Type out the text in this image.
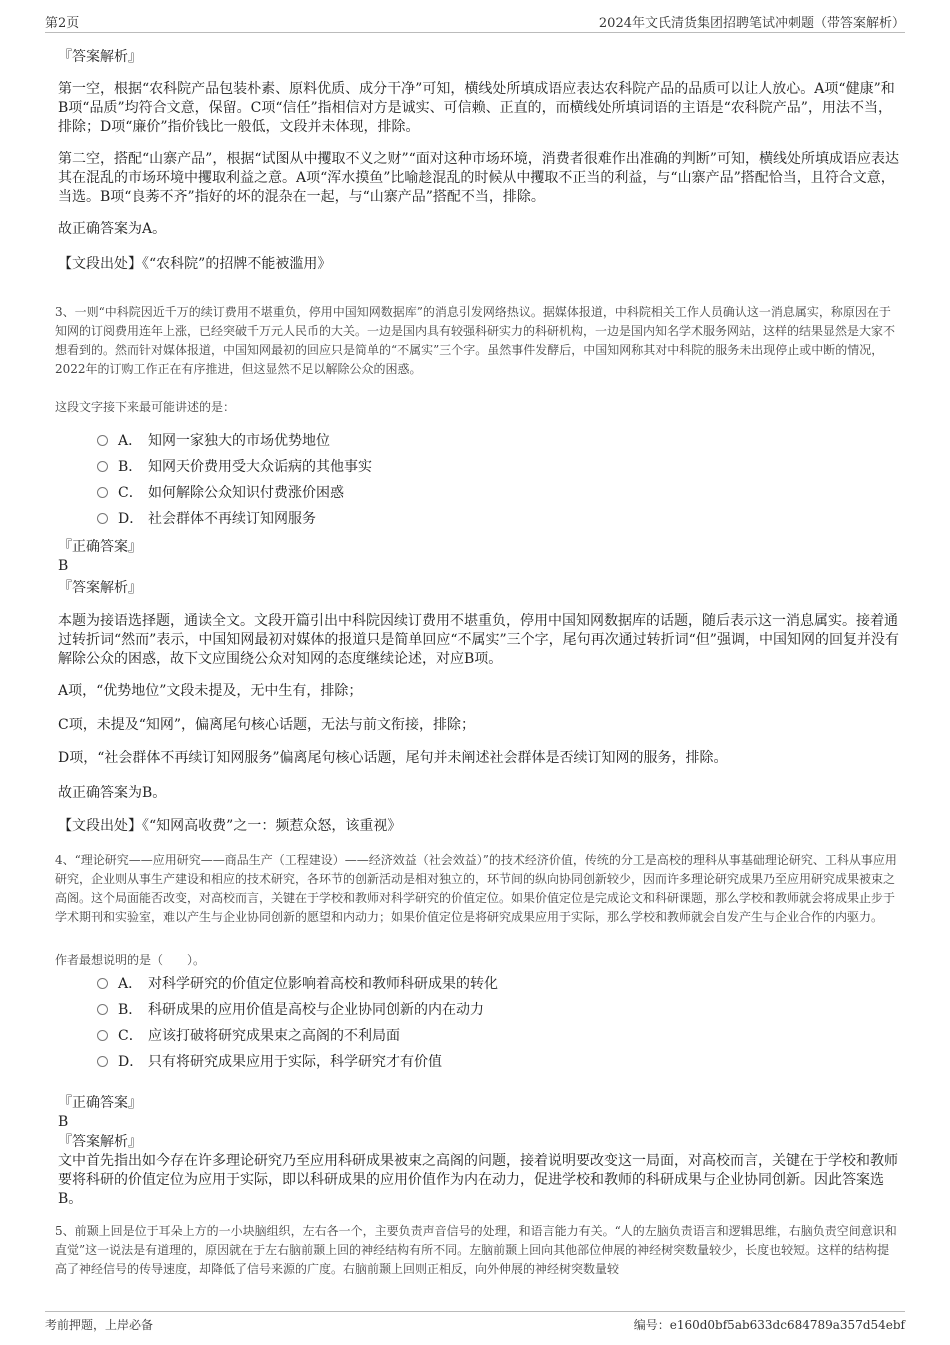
第2页	2024年文氏清货集团招聘笔试冲刺题（带答案解析）
『答案解析』
第一空，根据“农科院产品包装朴素、原料优质、成分干净”可知，横线处所填成语应表达农科院产品的品质可以让人放心。A项“健康”和B项“品质”均符合文意，保留。C项“信任”指相信对方是诚实、可信赖、正直的，而横线处所填词语的主语是“农科院产品”，用法不当，排除；D项“廉价”指价钱比一般低，文段并未体现，排除。
第二空，搭配“山寨产品”，根据“试图从中攫取不义之财”“面对这种市场环境，消费者很难作出准确的判断”可知，横线处所填成语应表达其在混乱的市场环境中攫取利益之意。A项“浑水摸鱼”比喻趁混乱的时候从中攫取不正当的利益，与“山寨产品”搭配恰当，且符合文意，当选。B项“良莠不齐”指好的坏的混杂在一起，与“山寨产品”搭配不当，排除。
故正确答案为A。
【文段出处】《“农科院”的招牌不能被滥用》
3、一则“中科院因近千万的续订费用不堪重负，停用中国知网数据库”的消息引发网络热议。据媒体报道，中科院相关工作人员确认这一消息属实，称原因在于知网的订阅费用连年上涨，已经突破千万元人民币的大关。一边是国内具有较强科研实力的科研机构，一边是国内知名学术服务网站，这样的结果显然是大家不想看到的。然而针对媒体报道，中国知网最初的回应只是简单的“不属实”三个字。虽然事件发酵后，中国知网称其对中科院的服务未出现停止或中断的情况，2022年的订购工作正在有序推进，但这显然不足以解除公众的困惑。
这段文字接下来最可能讲述的是：
A． 知网一家独大的市场优势地位
B． 知网天价费用受大众诟病的其他事实
C． 如何解除公众知识付费涨价困惑
D． 社会群体不再续订知网服务
『正确答案』
B
『答案解析』
本题为接语选择题，通读全文。文段开篇引出中科院因续订费用不堪重负，停用中国知网数据库的话题，随后表示这一消息属实。接着通过转折词“然而”表示，中国知网最初对媒体的报道只是简单回应“不属实”三个字，尾句再次通过转折词“但”强调，中国知网的回复并没有解除公众的困惑，故下文应围绕公众对知网的态度继续论述，对应B项。
A项，“优势地位”文段未提及，无中生有，排除；
C项，未提及“知网”，偏离尾句核心话题，无法与前文衔接，排除；
D项，“社会群体不再续订知网服务”偏离尾句核心话题，尾句并未阐述社会群体是否续订知网的服务，排除。
故正确答案为B。
【文段出处】《“知网高收费”之一：频惹众怒，该重视》
4、“理论研究——应用研究——商品生产（工程建设）——经济效益（社会效益）”的技术经济价值，传统的分工是高校的理科从事基础理论研究、工科从事应用研究，企业则从事生产建设和相应的技术研究，各环节的创新活动是相对独立的，环节间的纵向协同创新较少，因而许多理论研究成果乃至应用研究成果被束之高阁。这个局面能否改变，对高校而言，关键在于学校和教师对科学研究的价值定位。如果价值定位是完成论文和科研课题，那么学校和教师就会将成果止步于学术期刊和实验室，难以产生与企业协同创新的愿望和内动力；如果价值定位是将研究成果应用于实际，那么学校和教师就会自发产生与企业合作的内驱力。
作者最想说明的是（　　）。
A． 对科学研究的价值定位影响着高校和教师科研成果的转化
B． 科研成果的应用价值是高校与企业协同创新的内在动力
C． 应该打破将研究成果束之高阁的不利局面
D． 只有将研究成果应用于实际，科学研究才有价值
『正确答案』
B
『答案解析』
文中首先指出如今存在许多理论研究乃至应用科研成果被束之高阁的问题，接着说明要改变这一局面，对高校而言，关键在于学校和教师要将科研的价值定位为应用于实际，即以科研成果的应用价值作为内在动力，促进学校和教师的科研成果与企业协同创新。因此答案选B。
5、前颞上回是位于耳朵上方的一小块脑组织，左右各一个，主要负责声音信号的处理，和语言能力有关。“人的左脑负责语言和逻辑思维，右脑负责空间意识和直觉”这一说法是有道理的，原因就在于左右脑前颞上回的神经结构有所不同。左脑前颞上回向其他部位伸展的神经树突数量较少，长度也较短。这样的结构提高了神经信号的传导速度，却降低了信号来源的广度。右脑前颞上回则正相反，向外伸展的神经树突数量较
考前押题，上岸必备	编号：e160d0bf5ab633dc684789a357d54ebf
